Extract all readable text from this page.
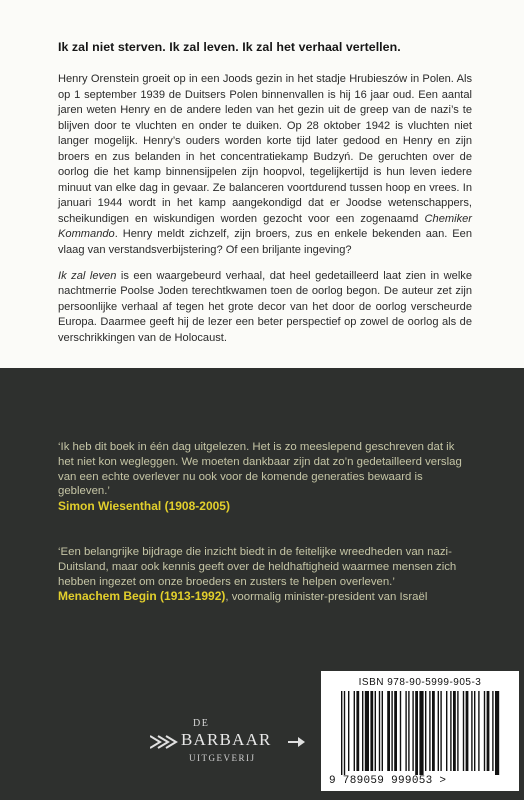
Ik zal niet sterven. Ik zal leven. Ik zal het verhaal vertellen.

Henry Orenstein groeit op in een Joods gezin in het stadje Hrubieszów in Polen. Als op 1 september 1939 de Duitsers Polen binnenvallen is hij 16 jaar oud. Een aantal jaren weten Henry en de andere leden van het gezin uit de greep van de nazi’s te blijven door te vluchten en onder te duiken. Op 28 oktober 1942 is vluchten niet langer mogelijk. Henry’s ouders worden korte tijd later gedood en Henry en zijn broers en zus belanden in het concentratiekamp Budzyń. De geruchten over de oorlog die het kamp binnensijpelen zijn hoopvol, tegelijkertijd is hun leven iedere minuut van elke dag in gevaar. Ze balanceren voortdurend tussen hoop en vrees. In januari 1944 wordt in het kamp aangekondigd dat er Joodse wetenschappers, scheikundigen en wiskundigen worden gezocht voor een zogenaamd Chemiker Kommando. Henry meldt zichzelf, zijn broers, zus en enkele bekenden aan. Een vlaag van verstandsverbijstering? Of een briljante ingeving?

Ik zal leven is een waargebeurd verhaal, dat heel gedetailleerd laat zien in welke nachtmerrie Poolse Joden terechtkwamen toen de oorlog begon. De auteur zet zijn persoonlijke verhaal af tegen het grote decor van het door de oorlog verscheurde Europa. Daarmee geeft hij de lezer een beter perspectief op zowel de oorlog als de verschrikkingen van de Holocaust.

‘Ik heb dit boek in één dag uitgelezen. Het is zo meeslepend geschreven dat ik het niet kon wegleggen. We moeten dankbaar zijn dat zo’n gedetailleerd verslag van een echte overlever nu ook voor de komende generaties bewaard is gebleven.’
Simon Wiesenthal (1908-2005)
‘Een belangrijke bijdrage die inzicht biedt in de feitelijke wreedheden van nazi-Duitsland, maar ook kennis geeft over de heldhaftigheid waarmee mensen zich hebben ingezet om onze broeders en zusters te helpen overleven.’
Menachem Begin (1913-1992), voormalig minister-president van Israël
DE
BARBAAR
UITGEVERIJ
ISBN 978-90-5999-905-3
9 789059 999053 >
